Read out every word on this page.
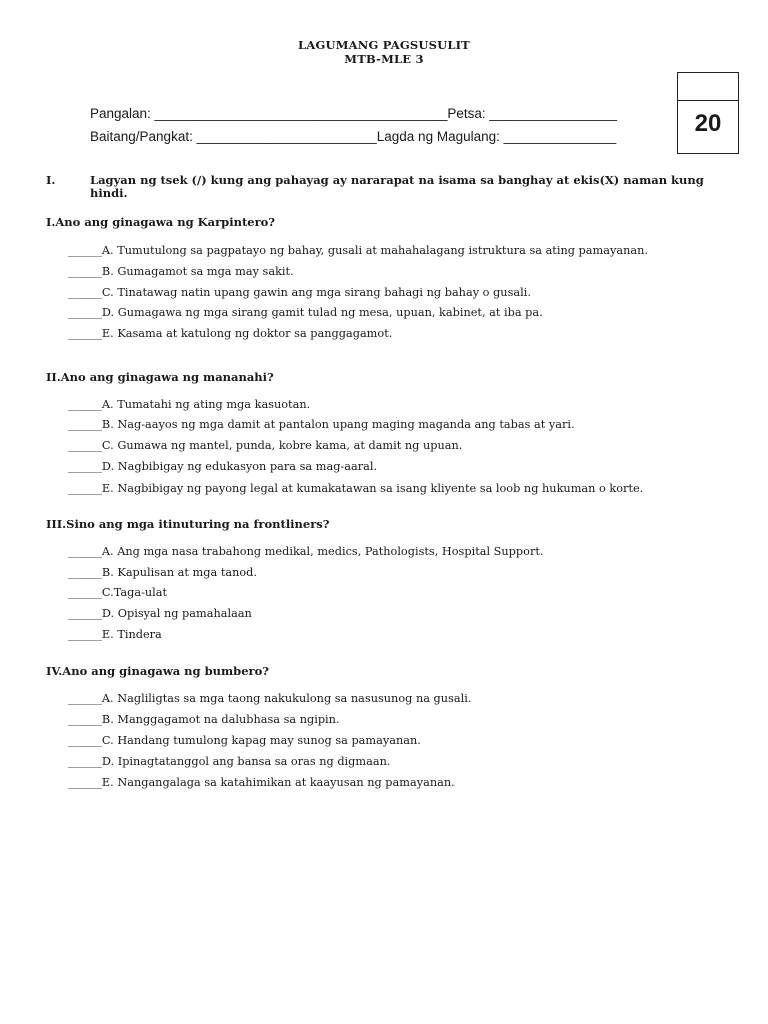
LAGUMANG PAGSUSULIT
MTB-MLE 3
20
Pangalan: _______________________________________Petsa: _________________
Baitang/Pangkat: ________________________Lagda ng Magulang: _______________
I.	Lagyan ng tsek (/) kung ang pahayag ay nararapat na isama sa banghay at ekis(X) naman kung hindi.
I.Ano ang ginagawa ng Karpintero?
______A. Tumutulong sa pagpatayo ng bahay, gusali at mahahalagang istruktura sa ating pamayanan.
______B. Gumagamot sa mga may sakit.
______C. Tinatawag natin upang gawin ang mga sirang bahagi ng bahay o gusali.
______D. Gumagawa ng mga sirang gamit tulad ng mesa, upuan, kabinet, at iba pa.
______E. Kasama at katulong ng doktor sa panggagamot.
II.Ano ang ginagawa ng mananahi?
______A. Tumatahi ng ating mga kasuotan.
______B. Nag-aayos ng mga damit at pantalon upang maging maganda ang tabas at yari.
______C. Gumawa ng mantel, punda, kobre kama, at damit ng upuan.
______D. Nagbibigay ng edukasyon para sa mag-aaral.
______E. Nagbibigay ng payong legal at kumakatawan sa isang kliyente sa loob ng hukuman o korte.
III.Sino ang mga itinuturing na frontliners?
______A. Ang mga nasa trabahong medikal, medics, Pathologists, Hospital Support.
______B. Kapulisan at mga tanod.
______C.Taga-ulat
______D. Opisyal ng pamahalaan
______E. Tindera
IV.Ano ang ginagawa ng bumbero?
______A. Nagliligtas sa mga taong nakukulong sa nasusunog na gusali.
______B. Manggagamot na dalubhasa sa ngipin.
______C. Handang tumulong kapag may sunog sa pamayanan.
______D. Ipinagtatanggol ang bansa sa oras ng digmaan.
______E. Nangangalaga sa katahimikan at kaayusan ng pamayanan.
